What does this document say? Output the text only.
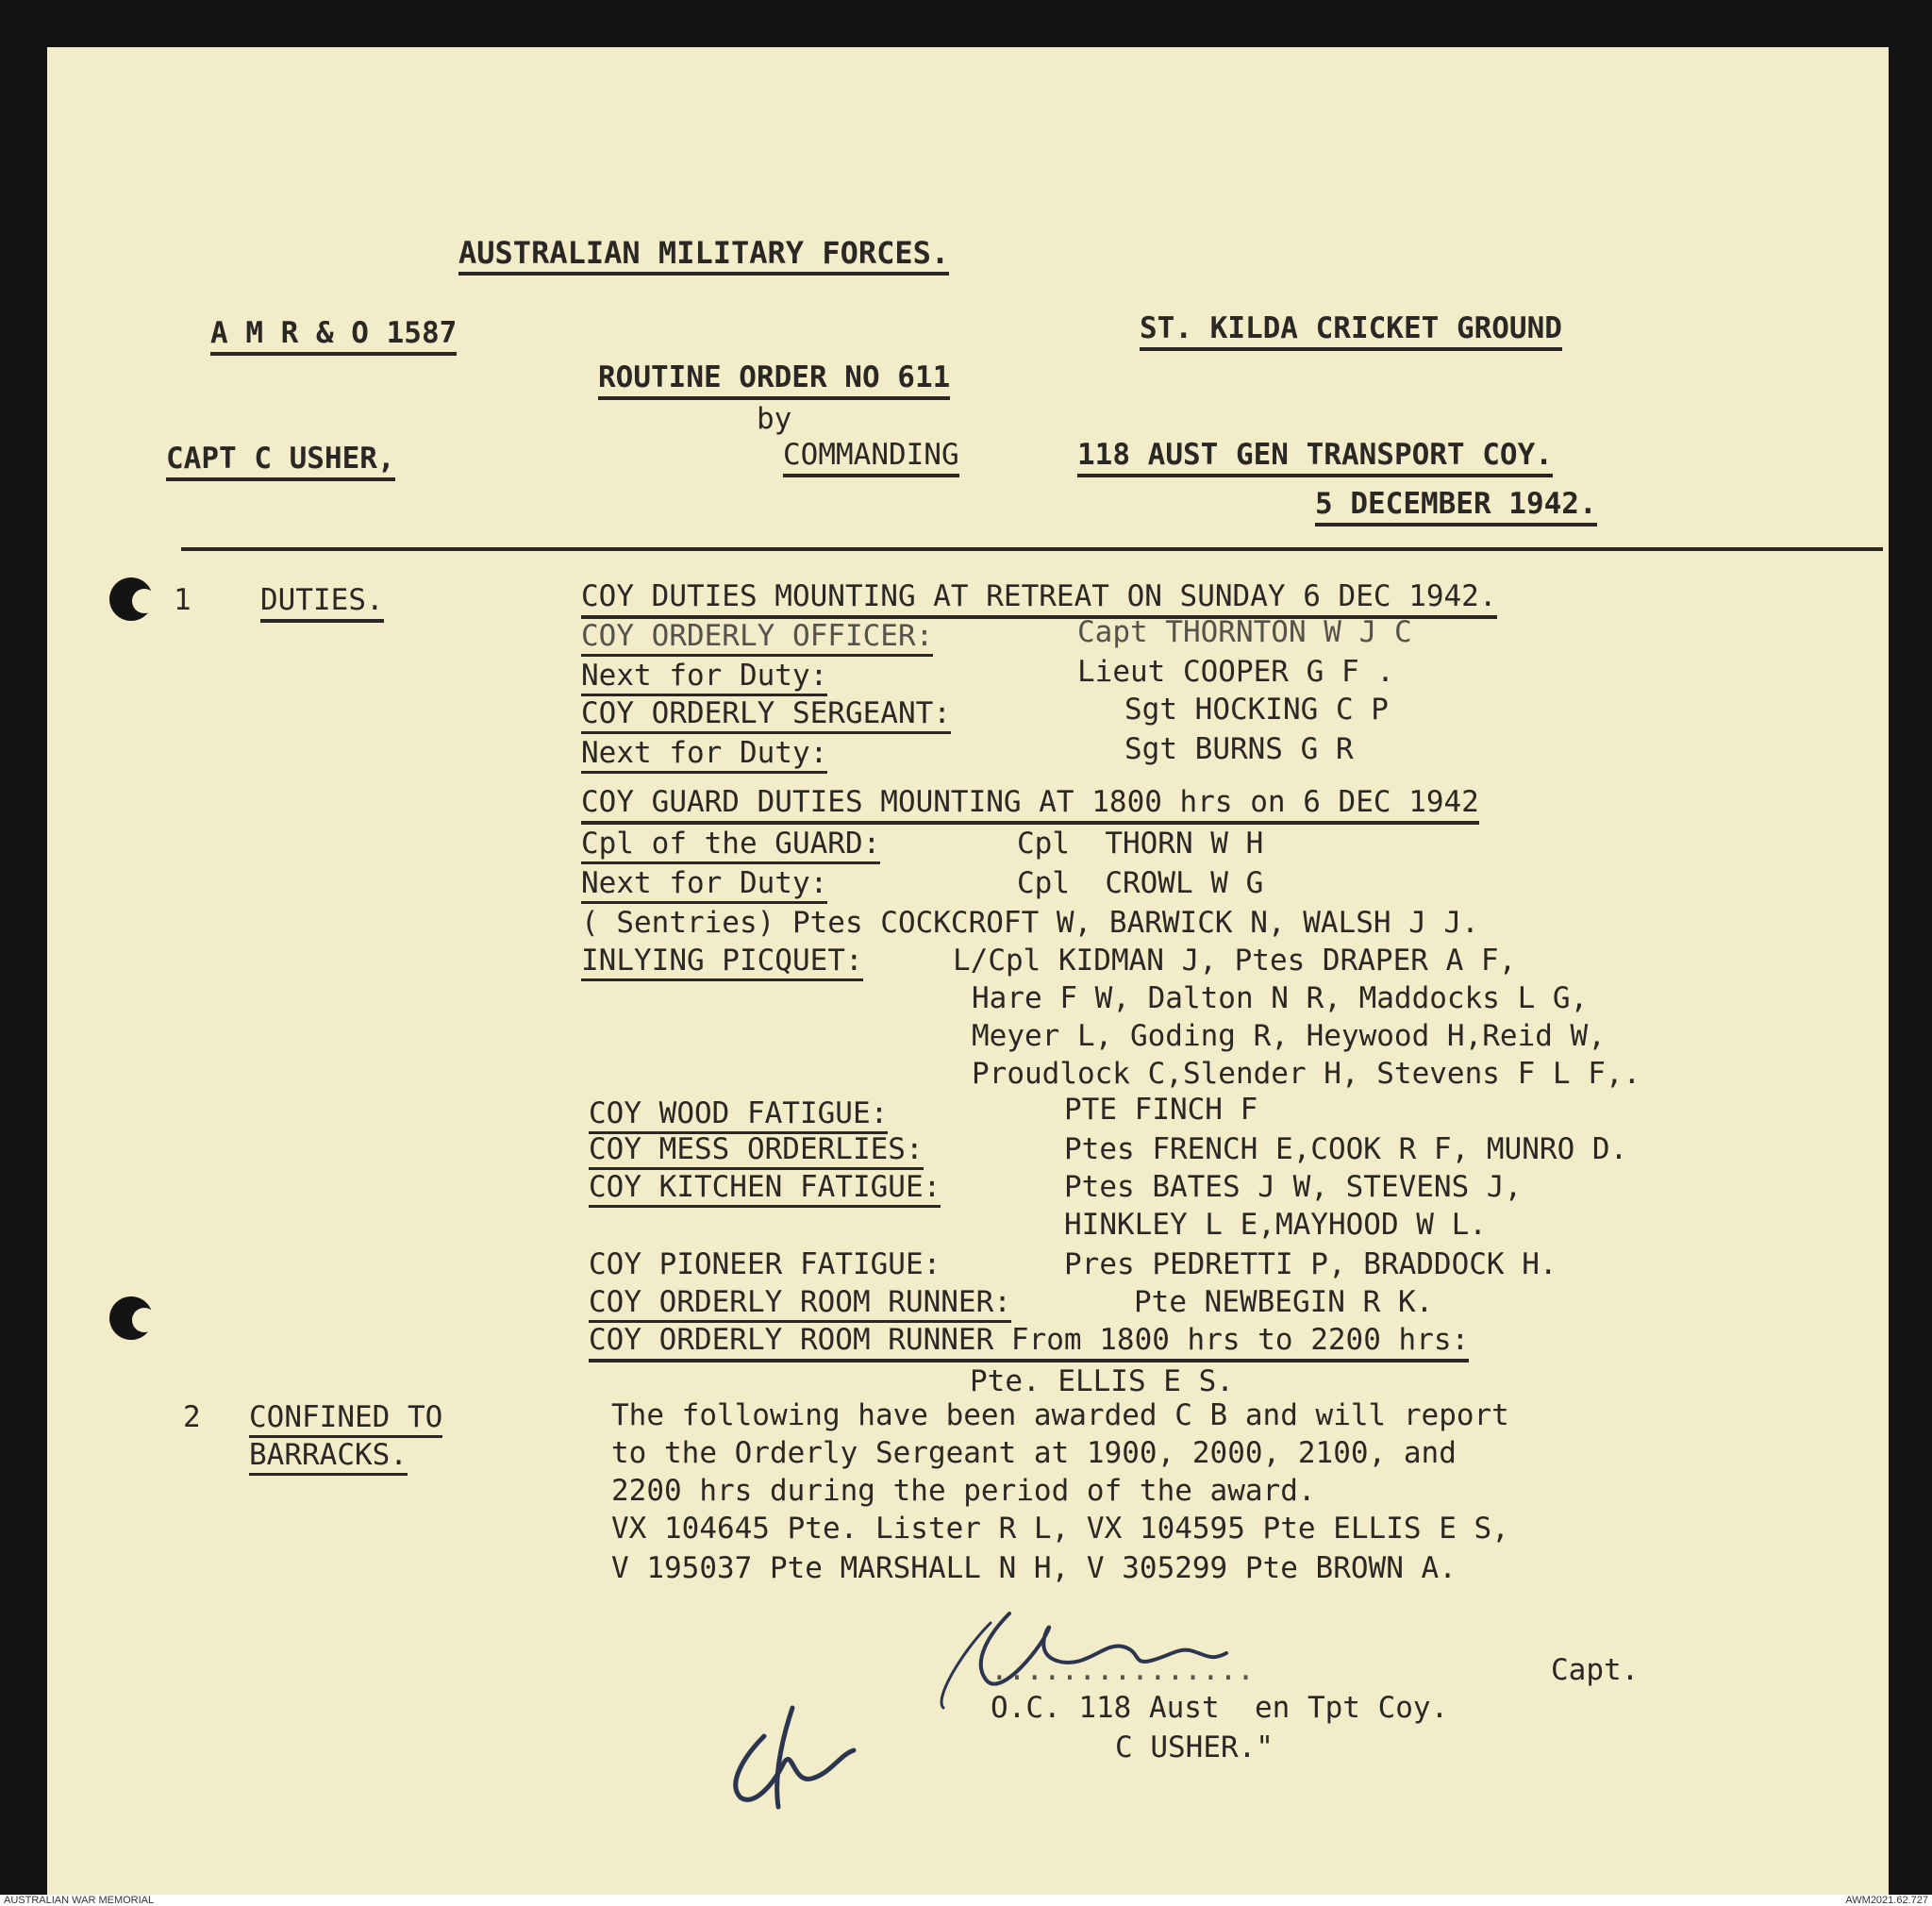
AUSTRALIAN MILITARY FORCES.
A M R & O 1587	ST. KILDA CRICKET GROUND
ROUTINE ORDER NO 611
by
CAPT C USHER,	COMMANDING	118 AUST GEN TRANSPORT COY.
5 DECEMBER 1942.
1 DUTIES.	COY DUTIES MOUNTING AT RETREAT ON SUNDAY 6 DEC 1942.
COY ORDERLY OFFICER:	Capt THORNTON W J C
Next for Duty:	Lieut COOPER G F .
COY ORDERLY SERGEANT:	Sgt HOCKING C P
Next for Duty:	Sgt BURNS G R
COY GUARD DUTIES MOUNTING AT 1800 hrs on 6 DEC 1942
Cpl of the GUARD:	Cpl  THORN W H
Next for Duty:	Cpl  CROWL W G
( Sentries) Ptes COCKCROFT W, BARWICK N, WALSH J J.
INLYING PICQUET:	L/Cpl KIDMAN J, Ptes DRAPER A F,
Hare F W, Dalton N R, Maddocks L G,
Meyer L, Goding R, Heywood H,Reid W,
Proudlock C,Slender H, Stevens F L F,.
COY WOOD FATIGUE:	PTE FINCH F
COY MESS ORDERLIES:	Ptes FRENCH E,COOK R F, MUNRO D.
COY KITCHEN FATIGUE:	Ptes BATES J W, STEVENS J,
HINKLEY L E,MAYHOOD W L.
COY PIONEER FATIGUE:	Pres PEDRETTI P, BRADDOCK H.
COY ORDERLY ROOM RUNNER:	Pte NEWBEGIN R K.
COY ORDERLY ROOM RUNNER From 1800 hrs to 2200 hrs:
Pte. ELLIS E S.
2 CONFINED TO
BARRACKS.
The following have been awarded C B and will report
to the Orderly Sergeant at 1900, 2000, 2100, and
2200 hrs during the period of the award.
VX 104645 Pte. Lister R L, VX 104595 Pte ELLIS E S,
V 195037 Pte MARSHALL N H, V 305299 Pte BROWN A.
...............	Capt.
O.C. 118 Aust  en Tpt Coy.
C USHER."
AUSTRALIAN WAR MEMORIAL	AWM2021.62.727
